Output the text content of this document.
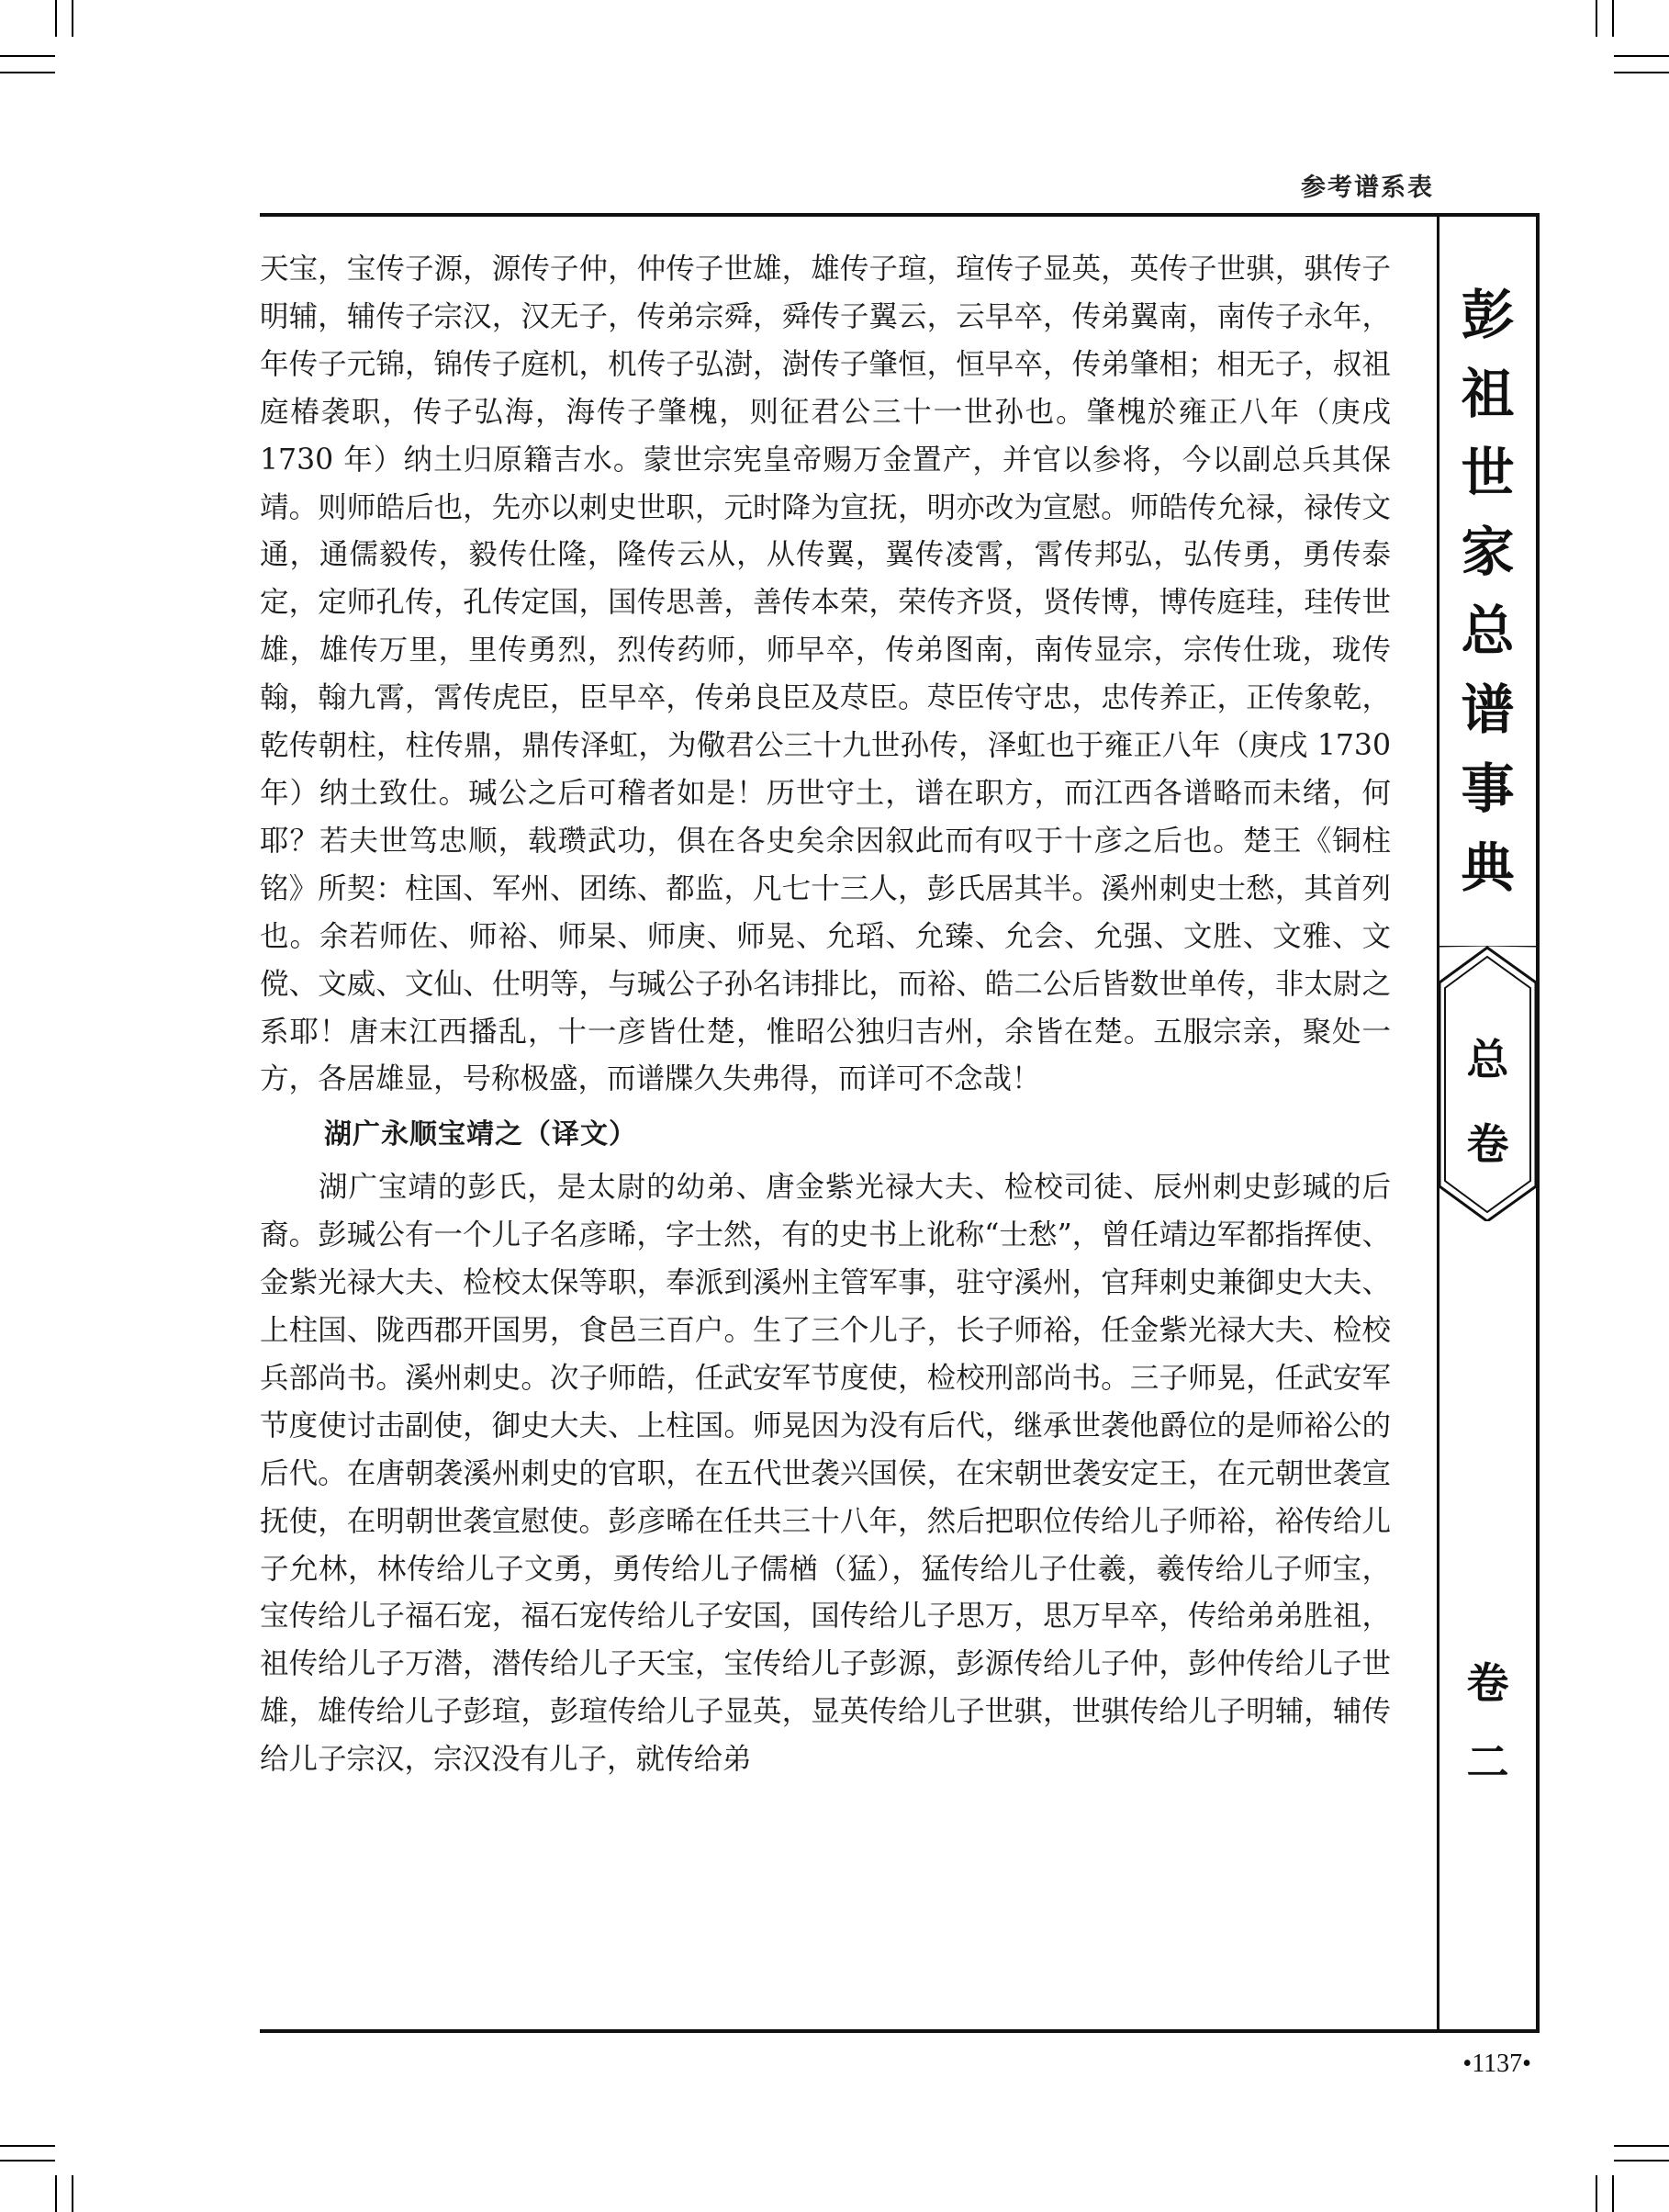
参考谱系表
彭
祖
世
家
总
谱
事
典
总
卷
卷
二

天宝，宝传子源，源传子仲，仲传子世雄，雄传子瑄，瑄传子显英，英传子世骐，骐传子明辅，辅传子宗汉，汉无子，传弟宗舜，舜传子翼云，云早卒，传弟翼南，南传子永年，年传子元锦，锦传子庭机，机传子弘澍，澍传子肇恒，恒早卒，传弟肇相；相无子，叔祖庭椿袭职，传子弘海，海传子肇槐，则征君公三十一世孙也。肇槐於雍正八年（庚戌 1730 年）纳土归原籍吉水。蒙世宗宪皇帝赐万金置产，并官以参将，今以副总兵其保靖。则师皓后也，先亦以刺史世职，元时降为宣抚，明亦改为宣慰。师皓传允禄，禄传文通，通儒毅传，毅传仕隆，隆传云从，从传翼，翼传凌霄，霄传邦弘，弘传勇，勇传泰定，定师孔传，孔传定国，国传思善，善传本荣，荣传齐贤，贤传博，博传庭珪，珪传世雄，雄传万里，里传勇烈，烈传药师，师早卒，传弟图南，南传显宗，宗传仕珑，珑传翰，翰九霄，霄传虎臣，臣早卒，传弟良臣及荩臣。荩臣传守忠，忠传养正，正传象乾，乾传朝柱，柱传鼎，鼎传泽虹，为儆君公三十九世孙传，泽虹也于雍正八年（庚戌 1730 年）纳土致仕。瑊公之后可稽者如是！历世守土，谱在职方，而江西各谱略而未绪，何耶？若夫世笃忠顺，载瓒武功，俱在各史矣余因叙此而有叹于十彦之后也。楚王《铜柱铭》所契：柱国、军州、团练、都监，凡七十三人，彭氏居其半。溪州刺史士愁，其首列也。余若师佐、师裕、师杲、师庚、师晃、允瑫、允臻、允会、允强、文胜、文雅、文傥、文威、文仙、仕明等，与瑊公子孙名讳排比，而裕、皓二公后皆数世单传，非太尉之系耶！唐末江西播乱，十一彦皆仕楚，惟昭公独归吉州，余皆在楚。五服宗亲，聚处一方，各居雄显，号称极盛，而谱牒久失弗得，而详可不念哉！

湖广永顺宝靖之（译文）

湖广宝靖的彭氏，是太尉的幼弟、唐金紫光禄大夫、检校司徒、辰州刺史彭瑊的后裔。彭瑊公有一个儿子名彦晞，字士然，有的史书上讹称“士愁”，曾任靖边军都指挥使、金紫光禄大夫、检校太保等职，奉派到溪州主管军事，驻守溪州，官拜刺史兼御史大夫、上柱国、陇西郡开国男，食邑三百户。生了三个儿子，长子师裕，任金紫光禄大夫、检校兵部尚书。溪州刺史。次子师皓，任武安军节度使，检校刑部尚书。三子师晃，任武安军节度使讨击副使，御史大夫、上柱国。师晃因为没有后代，继承世袭他爵位的是师裕公的后代。在唐朝袭溪州刺史的官职，在五代世袭兴国侯，在宋朝世袭安定王，在元朝世袭宣抚使，在明朝世袭宣慰使。彭彦晞在任共三十八年，然后把职位传给儿子师裕，裕传给儿子允林，林传给儿子文勇，勇传给儿子儒楢（猛），猛传给儿子仕羲，羲传给儿子师宝，宝传给儿子福石宠，福石宠传给儿子安国，国传给儿子思万，思万早卒，传给弟弟胜祖，祖传给儿子万潜，潜传给儿子天宝，宝传给儿子彭源，彭源传给儿子仲，彭仲传给儿子世雄，雄传给儿子彭瑄，彭瑄传给儿子显英，显英传给儿子世骐，世骐传给儿子明辅，辅传给儿子宗汉，宗汉没有儿子，就传给弟

•1137•
